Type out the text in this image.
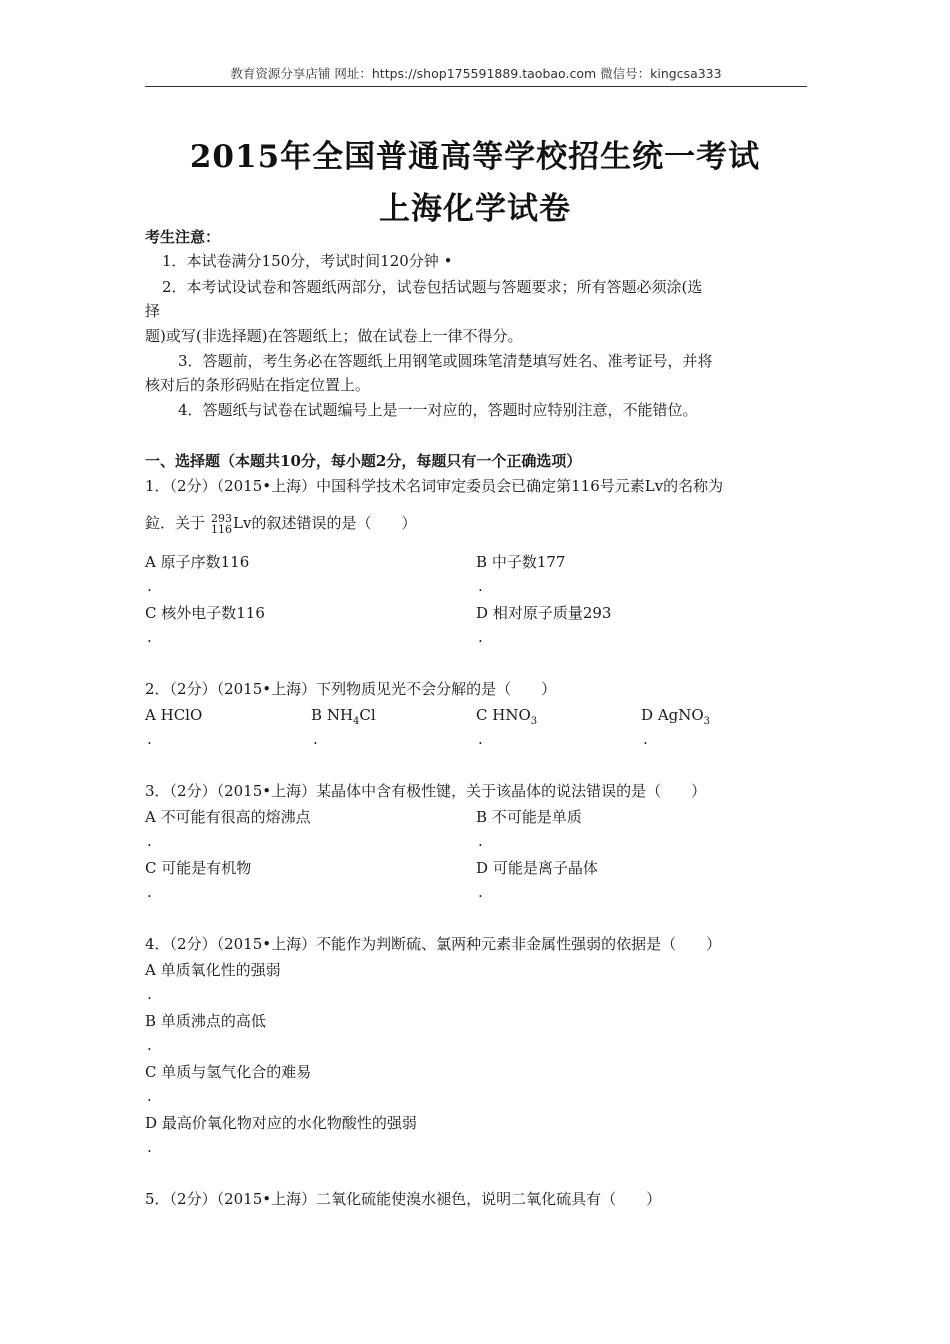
教育资源分享店铺 网址：https://shop175591889.taobao.com 微信号：kingcsa333
2015年全国普通高等学校招生统一考试
上海化学试卷
考生注意：
1．本试卷满分150分，考试时间120分钟 •
2．本考试设试卷和答题纸两部分，试卷包括试题与答题要求；所有答题必须涂(选
择
题)或写(非选择题)在答题纸上；做在试卷上一律不得分。
3．答题前，考生务必在答题纸上用钢笔或圆珠笔清楚填写姓名、准考证号，并将
核对后的条形码贴在指定位置上。
4．答题纸与试卷在试题编号上是一一对应的，答题时应特别注意，不能错位。
一、选择题（本题共10分，每小题2分，每题只有一个正确选项）
1．（2分）（2015•上海）中国科学技术名词审定委员会已确定第116号元素Lv的名称为
鉝．关于 293
116Lv的叙述错误的是（　　）
A 原子序数116
.
B 中子数177
.
C 核外电子数116
.
D 相对原子质量293
.
2．（2分）（2015•上海）下列物质见光不会分解的是（　　）
A HClO
.
B $NH_4Cl$
.
C $HNO_3$
.
D AgNO$_3$
.
3．（2分）（2015•上海）某晶体中含有极性键，关于该晶体的说法错误的是（　　）
A 不可能有很高的熔沸点
.
B 不可能是单质
.
C 可能是有机物
.
D 可能是离子晶体
.
4．（2分）（2015•上海）不能作为判断硫、氯两种元素非金属性强弱的依据是（　　）
A 单质氧化性的强弱
.
B 单质沸点的高低
.
C 单质与氢气化合的难易
.
D 最高价氧化物对应的水化物酸性的强弱
.
5．（2分）（2015•上海）二氧化硫能使溴水褪色，说明二氧化硫具有（　　）
